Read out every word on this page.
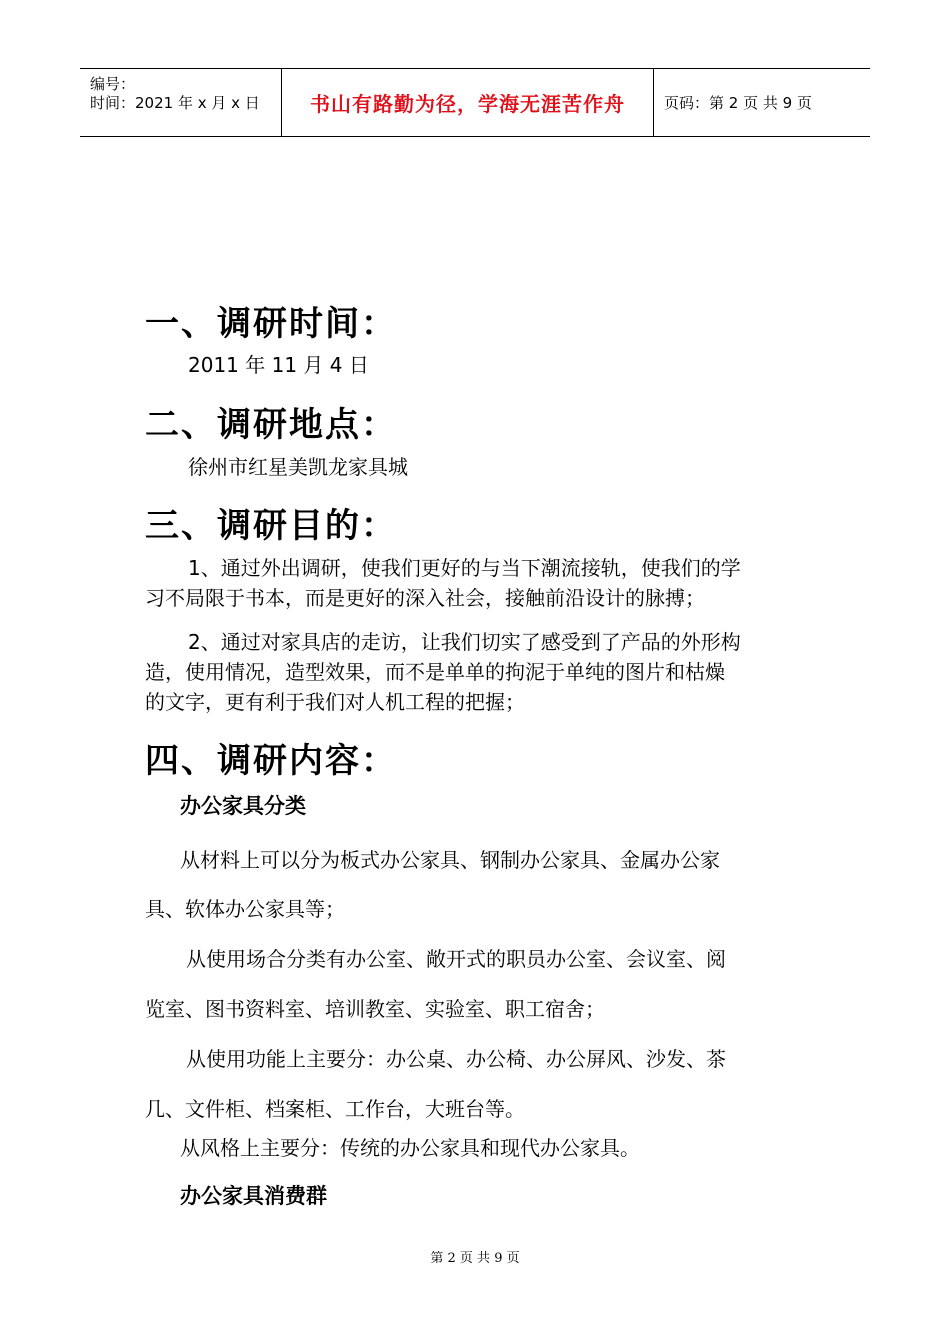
编号：
时间：2021 年 x 月 x 日	书山有路勤为径，学海无涯苦作舟	页码：第 2 页 共 9 页
一、调研时间：
2011 年 11 月 4 日
二、调研地点：
徐州市红星美凯龙家具城
三、调研目的：
1、通过外出调研，使我们更好的与当下潮流接轨，使我们的学
习不局限于书本，而是更好的深入社会，接触前沿设计的脉搏；
2、通过对家具店的走访，让我们切实了感受到了产品的外形构
造，使用情况，造型效果，而不是单单的拘泥于单纯的图片和枯燥
的文字，更有利于我们对人机工程的把握；
四、调研内容：
办公家具分类
从材料上可以分为板式办公家具、钢制办公家具、金属办公家
具、软体办公家具等；
从使用场合分类有办公室、敞开式的职员办公室、会议室、阅
览室、图书资料室、培训教室、实验室、职工宿舍；
从使用功能上主要分：办公桌、办公椅、办公屏风、沙发、茶
几、文件柜、档案柜、工作台，大班台等。
从风格上主要分：传统的办公家具和现代办公家具。
办公家具消费群
第 2 页 共 9 页
